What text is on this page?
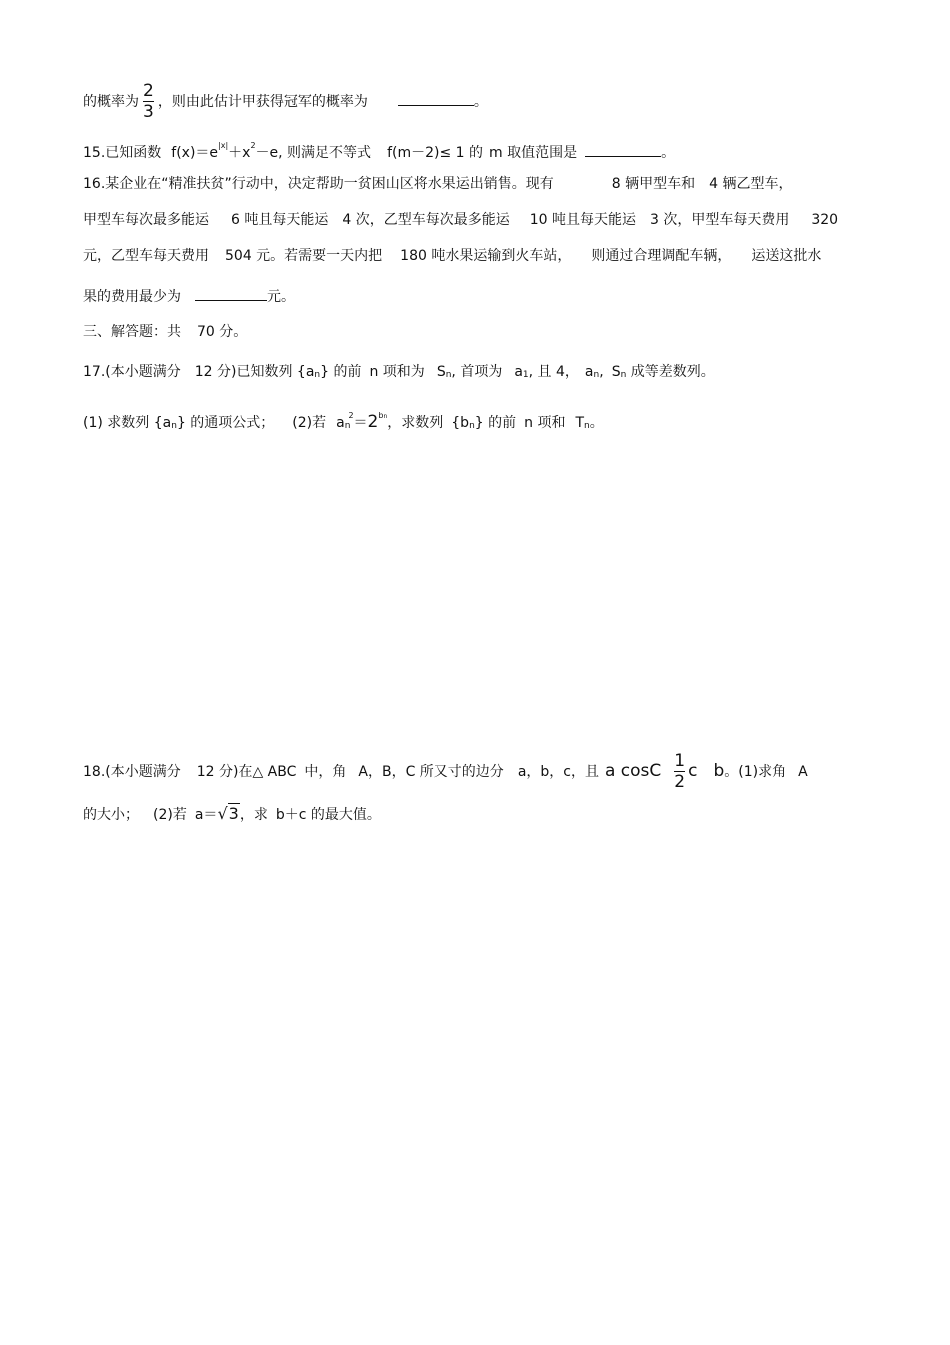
的概率为 $\frac{2}{3}$ ，则由此估计甲获得冠军的概率为	。
15.已知函数 $f(x)=e^{|x|}+x^2-e$, 则满足不等式 f(m－2)≤ 1 的 m 取值范围是	。
16.某企业在“精准扶贫”行动中，决定帮助一贫困山区将水果运出销售。现有	8 辆甲型车和 4 辆乙型车，
甲型车每次最多能运 6 吨且每天能运 4 次，乙型车每次最多能运 10 吨且每天能运 3 次，甲型车每天费用 320
元，乙型车每天费用 504 元。若需要一天内把 180 吨水果运输到火车站， 则通过合理调配车辆， 运送这批水
果的费用最少为	元。
三、解答题：共 70 分。
17.(本小题满分 12 分)已知数列 $\{a_n\}$ 的前 n 项和为 $S_n$, 首项为 $a_1$, 且 4， $a_n$, $S_n$ 成等差数列。
(1) 求数列 $\{a_n\}$ 的通项公式； (2)若 $a_n^2=2^{bn}$，求数列 $\{b_n\}$ 的前 n 项和 $T_n$。
18.(本小题满分 12 分)在△ ABC 中，角 A，B，C 所又寸的边分 a，b，c，且 a cosC $\frac{1}{2}$ c b。(1)求角 A
的大小； (2)若 a＝√3，求 b＋c 的最大值。
